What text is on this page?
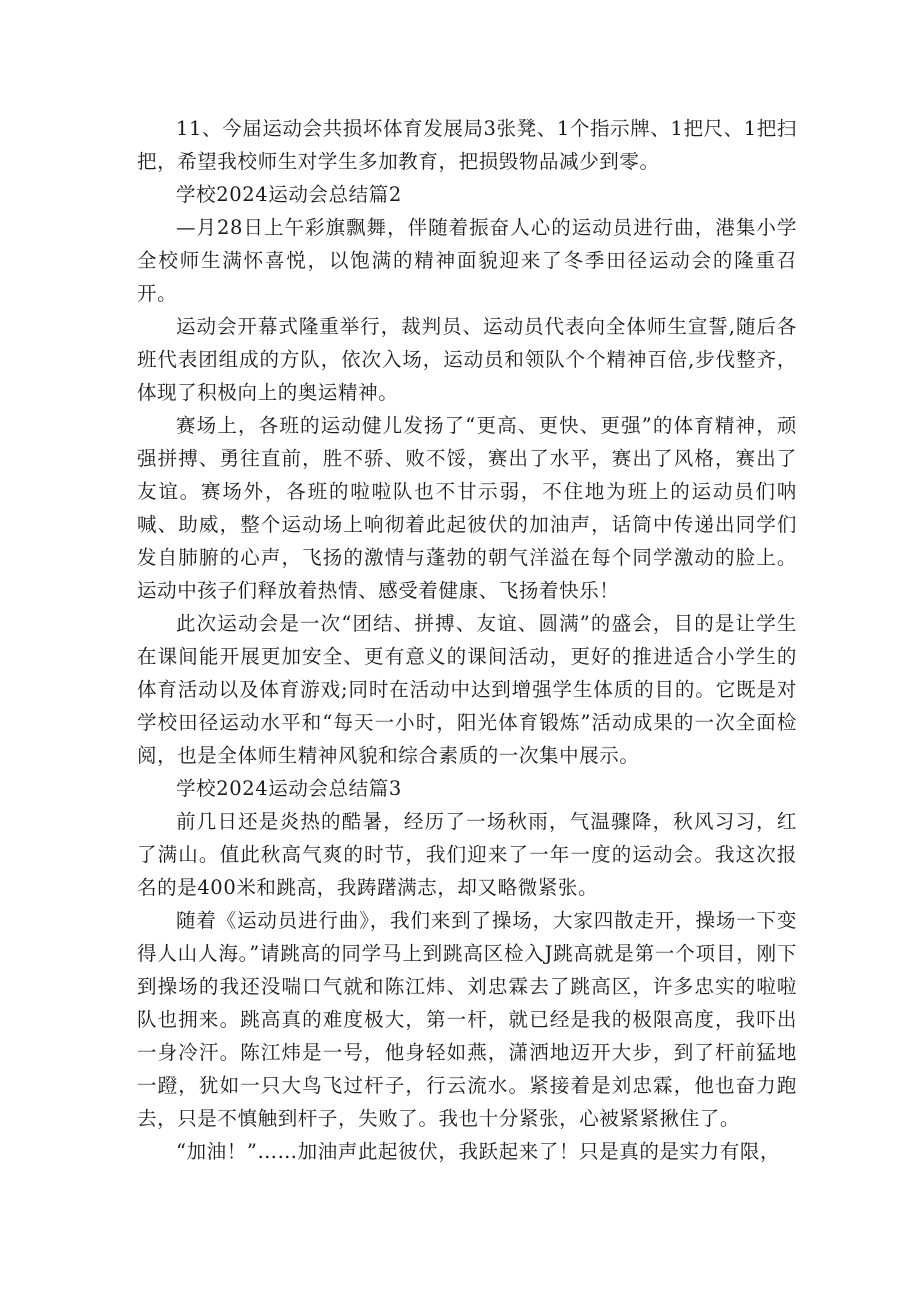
11、今届运动会共损坏体育发展局3张凳、1个指示牌、1把尺、1把扫把，希望我校师生对学生多加教育，把损毁物品减少到零。

学校2024运动会总结篇2

—月28日上午彩旗飘舞，伴随着振奋人心的运动员进行曲，港集小学全校师生满怀喜悦，以饱满的精神面貌迎来了冬季田径运动会的隆重召开。

运动会开幕式隆重举行，裁判员、运动员代表向全体师生宣誓,随后各班代表团组成的方队，依次入场，运动员和领队个个精神百倍,步伐整齐，体现了积极向上的奥运精神。

赛场上，各班的运动健儿发扬了“更高、更快、更强”的体育精神，顽强拼搏、勇往直前，胜不骄、败不馁，赛出了水平，赛出了风格，赛出了友谊。赛场外，各班的啦啦队也不甘示弱，不住地为班上的运动员们呐喊、助威，整个运动场上响彻着此起彼伏的加油声，话筒中传递出同学们发自肺腑的心声，飞扬的激情与蓬勃的朝气洋溢在每个同学激动的脸上。运动中孩子们释放着热情、感受着健康、飞扬着快乐！

此次运动会是一次“团结、拼搏、友谊、圆满”的盛会，目的是让学生在课间能开展更加安全、更有意义的课间活动，更好的推进适合小学生的体育活动以及体育游戏;同时在活动中达到增强学生体质的目的。它既是对学校田径运动水平和“每天一小时，阳光体育锻炼”活动成果的一次全面检阅，也是全体师生精神风貌和综合素质的一次集中展示。

学校2024运动会总结篇3

前几日还是炎热的酷暑，经历了一场秋雨，气温骤降，秋风习习，红了满山。值此秋高气爽的时节，我们迎来了一年一度的运动会。我这次报名的是400米和跳高，我踌躇满志，却又略微紧张。

随着《运动员进行曲》，我们来到了操场，大家四散走开，操场一下变得人山人海。”请跳高的同学马上到跳高区检入J跳高就是第一个项目，刚下到操场的我还没喘口气就和陈江炜、刘忠霖去了跳高区，许多忠实的啦啦队也拥来。跳高真的难度极大，第一杆，就已经是我的极限高度，我吓出一身冷汗。陈江炜是一号，他身轻如燕，潇洒地迈开大步，到了杆前猛地一蹬，犹如一只大鸟飞过杆子，行云流水。紧接着是刘忠霖，他也奋力跑去，只是不慎触到杆子，失败了。我也十分紧张，心被紧紧揪住了。

“加油！”……加油声此起彼伏，我跃起来了！只是真的是实力有限，
